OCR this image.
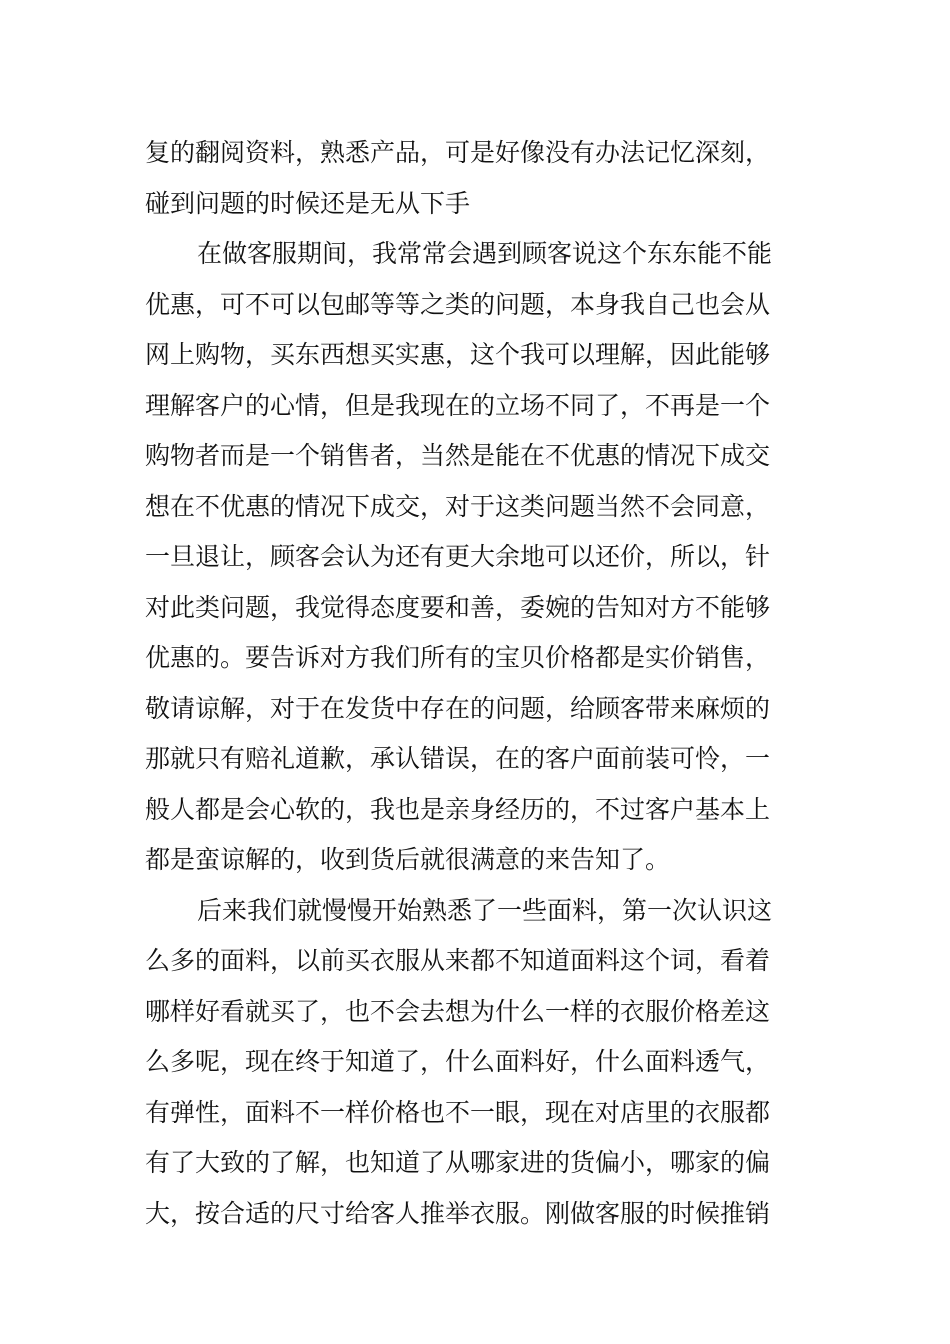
复的翻阅资料，熟悉产品，可是好像没有办法记忆深刻，
碰到问题的时候还是无从下手
在做客服期间，我常常会遇到顾客说这个东东能不能
优惠，可不可以包邮等等之类的问题，本身我自己也会从
网上购物，买东西想买实惠，这个我可以理解，因此能够
理解客户的心情，但是我现在的立场不同了，不再是一个
购物者而是一个销售者，当然是能在不优惠的情况下成交
想在不优惠的情况下成交，对于这类问题当然不会同意，
一旦退让，顾客会认为还有更大余地可以还价，所以，针
对此类问题，我觉得态度要和善，委婉的告知对方不能够
优惠的。要告诉对方我们所有的宝贝价格都是实价销售，
敬请谅解，对于在发货中存在的问题，给顾客带来麻烦的
那就只有赔礼道歉，承认错误，在的客户面前装可怜，一
般人都是会心软的，我也是亲身经历的，不过客户基本上
都是蛮谅解的，收到货后就很满意的来告知了。
后来我们就慢慢开始熟悉了一些面料，第一次认识这
么多的面料，以前买衣服从来都不知道面料这个词，看着
哪样好看就买了，也不会去想为什么一样的衣服价格差这
么多呢，现在终于知道了，什么面料好，什么面料透气，
有弹性，面料不一样价格也不一眼，现在对店里的衣服都
有了大致的了解，也知道了从哪家进的货偏小，哪家的偏
大，按合适的尺寸给客人推举衣服。刚做客服的时候推销
